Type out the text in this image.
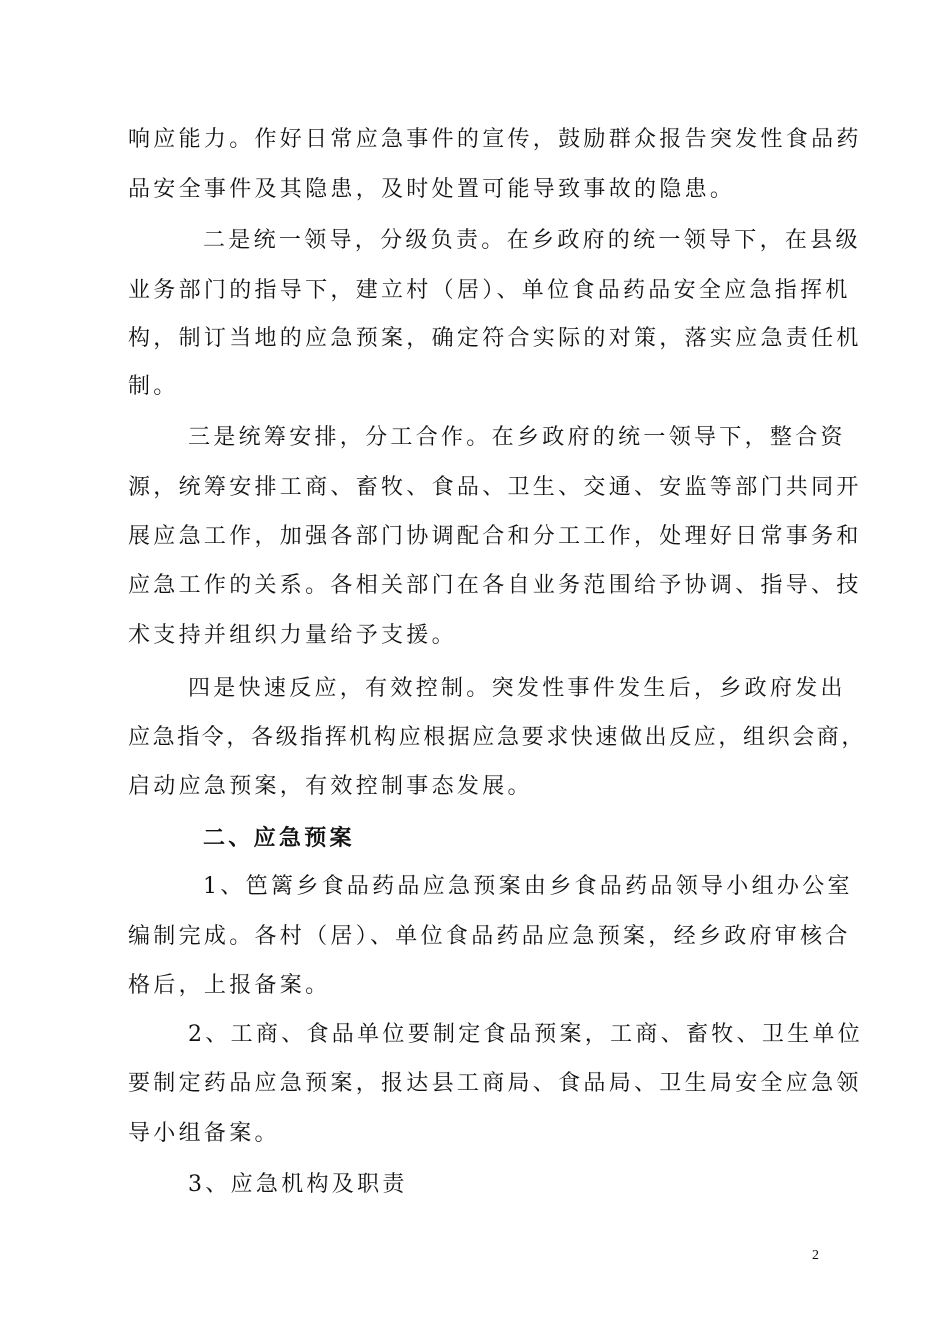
响应能力。作好日常应急事件的宣传，鼓励群众报告突发性食品药
品安全事件及其隐患，及时处置可能导致事故的隐患。
二是统一领导，分级负责。在乡政府的统一领导下，在县级
业务部门的指导下，建立村（居）、单位食品药品安全应急指挥机
构，制订当地的应急预案，确定符合实际的对策，落实应急责任机
制。
三是统筹安排，分工合作。在乡政府的统一领导下，整合资
源，统筹安排工商、畜牧、食品、卫生、交通、安监等部门共同开
展应急工作，加强各部门协调配合和分工工作，处理好日常事务和
应急工作的关系。各相关部门在各自业务范围给予协调、指导、技
术支持并组织力量给予支援。
四是快速反应，有效控制。突发性事件发生后，乡政府发出
应急指令，各级指挥机构应根据应急要求快速做出反应，组织会商，
启动应急预案，有效控制事态发展。
二、应急预案
1、笆篱乡食品药品应急预案由乡食品药品领导小组办公室
编制完成。各村（居）、单位食品药品应急预案，经乡政府审核合
格后，上报备案。
2、工商、食品单位要制定食品预案，工商、畜牧、卫生单位
要制定药品应急预案，报达县工商局、食品局、卫生局安全应急领
导小组备案。
3、应急机构及职责
2
